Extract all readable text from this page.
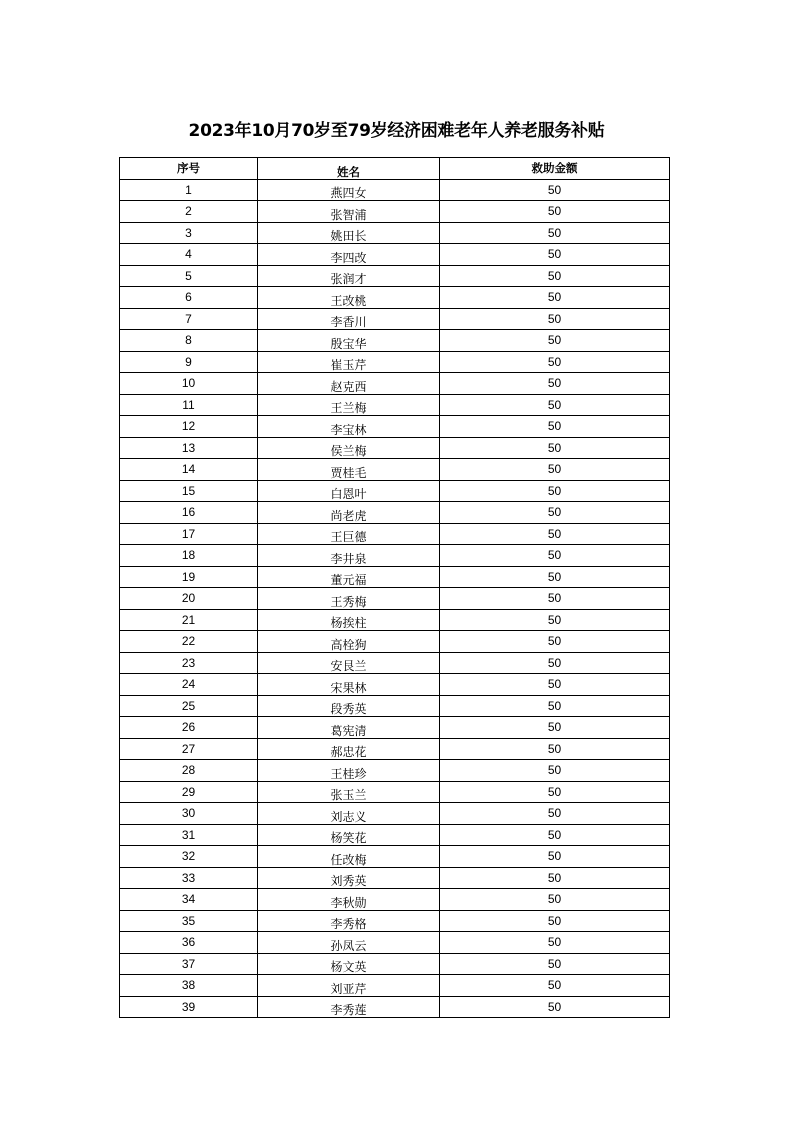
2023年10月70岁至79岁经济困难老年人养老服务补贴
序号	姓名	救助金额
1	燕四女	50
2	张智浦	50
3	姚田长	50
4	李四改	50
5	张润才	50
6	王改桃	50
7	李香川	50
8	殷宝华	50
9	崔玉芹	50
10	赵克西	50
11	王兰梅	50
12	李宝林	50
13	侯兰梅	50
14	贾桂毛	50
15	白恩叶	50
16	尚老虎	50
17	王巨德	50
18	李井泉	50
19	董元福	50
20	王秀梅	50
21	杨挨柱	50
22	高栓狗	50
23	安艮兰	50
24	宋果林	50
25	段秀英	50
26	葛宪清	50
27	郝忠花	50
28	王桂珍	50
29	张玉兰	50
30	刘志义	50
31	杨笑花	50
32	任改梅	50
33	刘秀英	50
34	李秋勋	50
35	李秀格	50
36	孙凤云	50
37	杨文英	50
38	刘亚芹	50
39	李秀莲	50
